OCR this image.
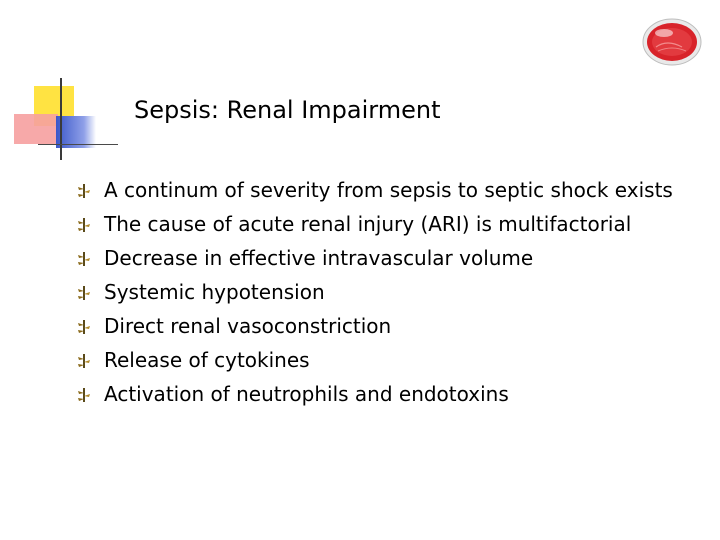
Sepsis: Renal Impairment
A continum of severity from sepsis to septic shock exists
The cause of acute renal injury (ARI) is multifactorial
Decrease in effective intravascular volume
Systemic hypotension
Direct renal vasoconstriction
Release of cytokines
Activation of neutrophils and endotoxins
